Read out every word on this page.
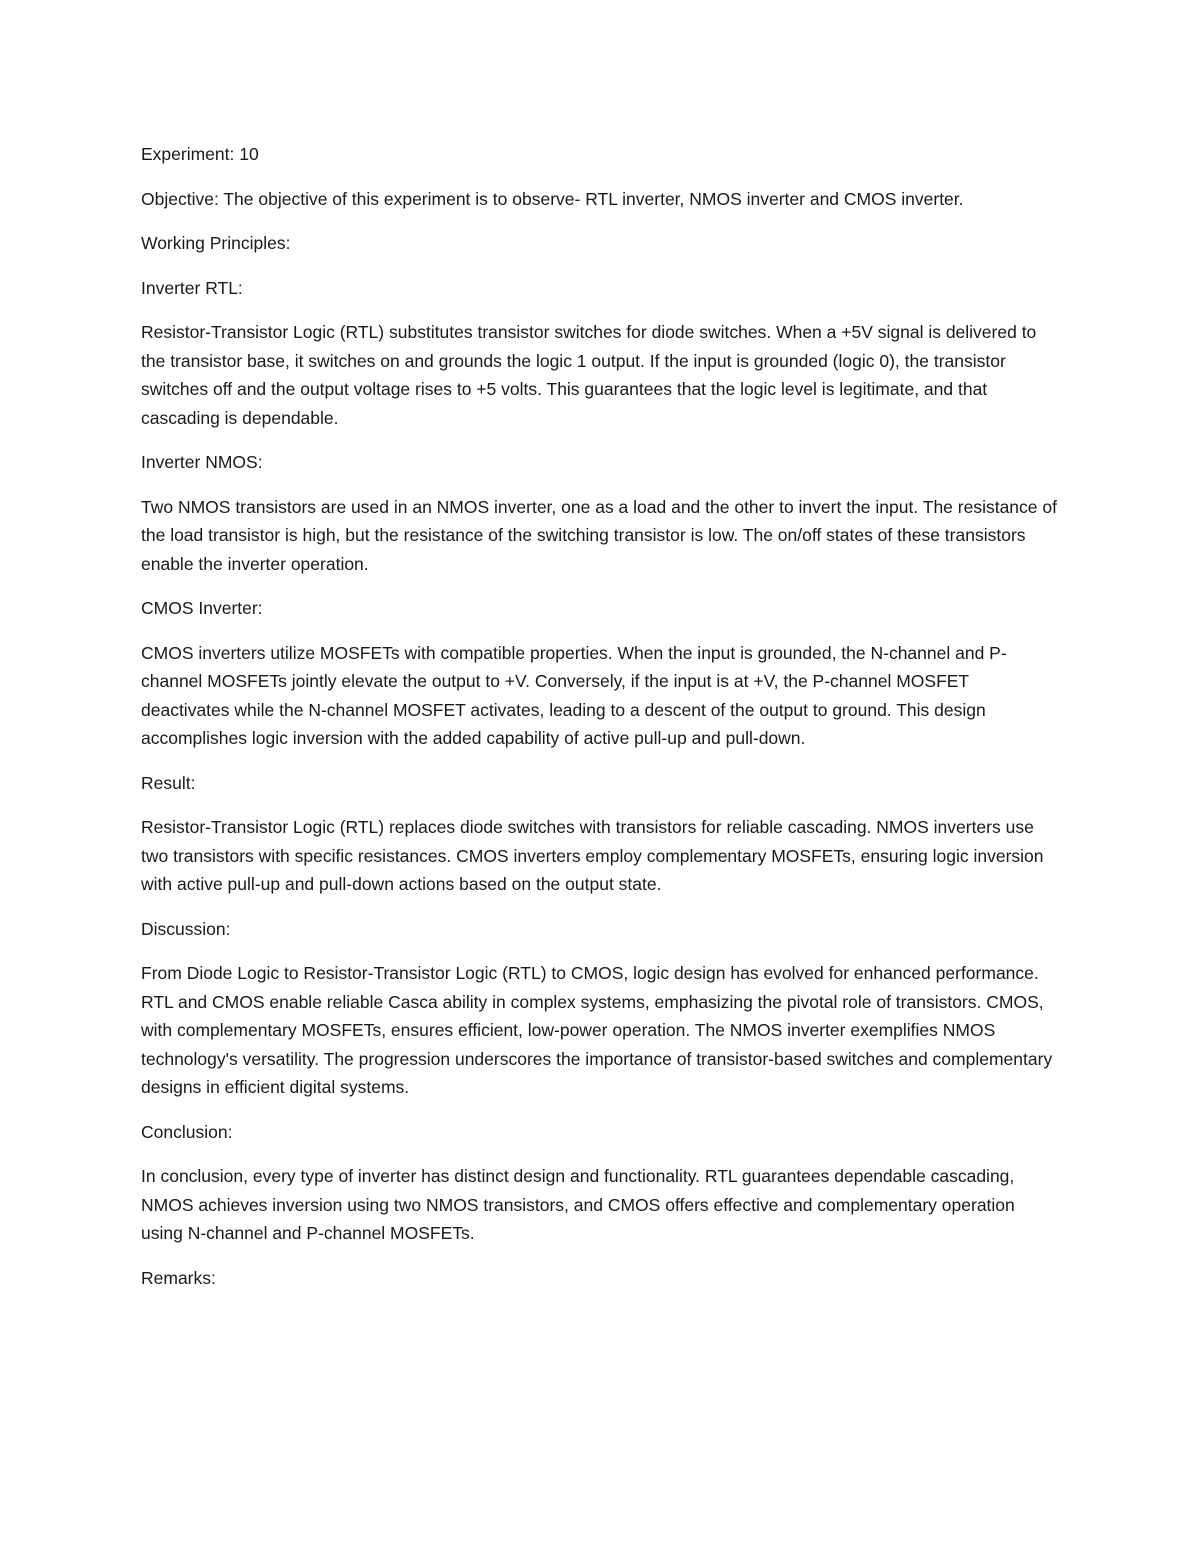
Experiment: 10

Objective: The objective of this experiment is to observe- RTL inverter, NMOS inverter and CMOS inverter.

Working Principles:

Inverter RTL:

Resistor-Transistor Logic (RTL) substitutes transistor switches for diode switches. When a +5V signal is delivered to the transistor base, it switches on and grounds the logic 1 output. If the input is grounded (logic 0), the transistor switches off and the output voltage rises to +5 volts. This guarantees that the logic level is legitimate, and that cascading is dependable.

Inverter NMOS:

Two NMOS transistors are used in an NMOS inverter, one as a load and the other to invert the input. The resistance of the load transistor is high, but the resistance of the switching transistor is low. The on/off states of these transistors enable the inverter operation.

CMOS Inverter:

CMOS inverters utilize MOSFETs with compatible properties. When the input is grounded, the N-channel and P-channel MOSFETs jointly elevate the output to +V. Conversely, if the input is at +V, the P-channel MOSFET deactivates while the N-channel MOSFET activates, leading to a descent of the output to ground. This design accomplishes logic inversion with the added capability of active pull-up and pull-down.

Result:

Resistor-Transistor Logic (RTL) replaces diode switches with transistors for reliable cascading. NMOS inverters use two transistors with specific resistances. CMOS inverters employ complementary MOSFETs, ensuring logic inversion with active pull-up and pull-down actions based on the output state.

Discussion:

From Diode Logic to Resistor-Transistor Logic (RTL) to CMOS, logic design has evolved for enhanced performance. RTL and CMOS enable reliable Casca ability in complex systems, emphasizing the pivotal role of transistors. CMOS, with complementary MOSFETs, ensures efficient, low-power operation. The NMOS inverter exemplifies NMOS technology's versatility. The progression underscores the importance of transistor-based switches and complementary designs in efficient digital systems.

Conclusion:

In conclusion, every type of inverter has distinct design and functionality. RTL guarantees dependable cascading, NMOS achieves inversion using two NMOS transistors, and CMOS offers effective and complementary operation using N-channel and P-channel MOSFETs.

Remarks:
